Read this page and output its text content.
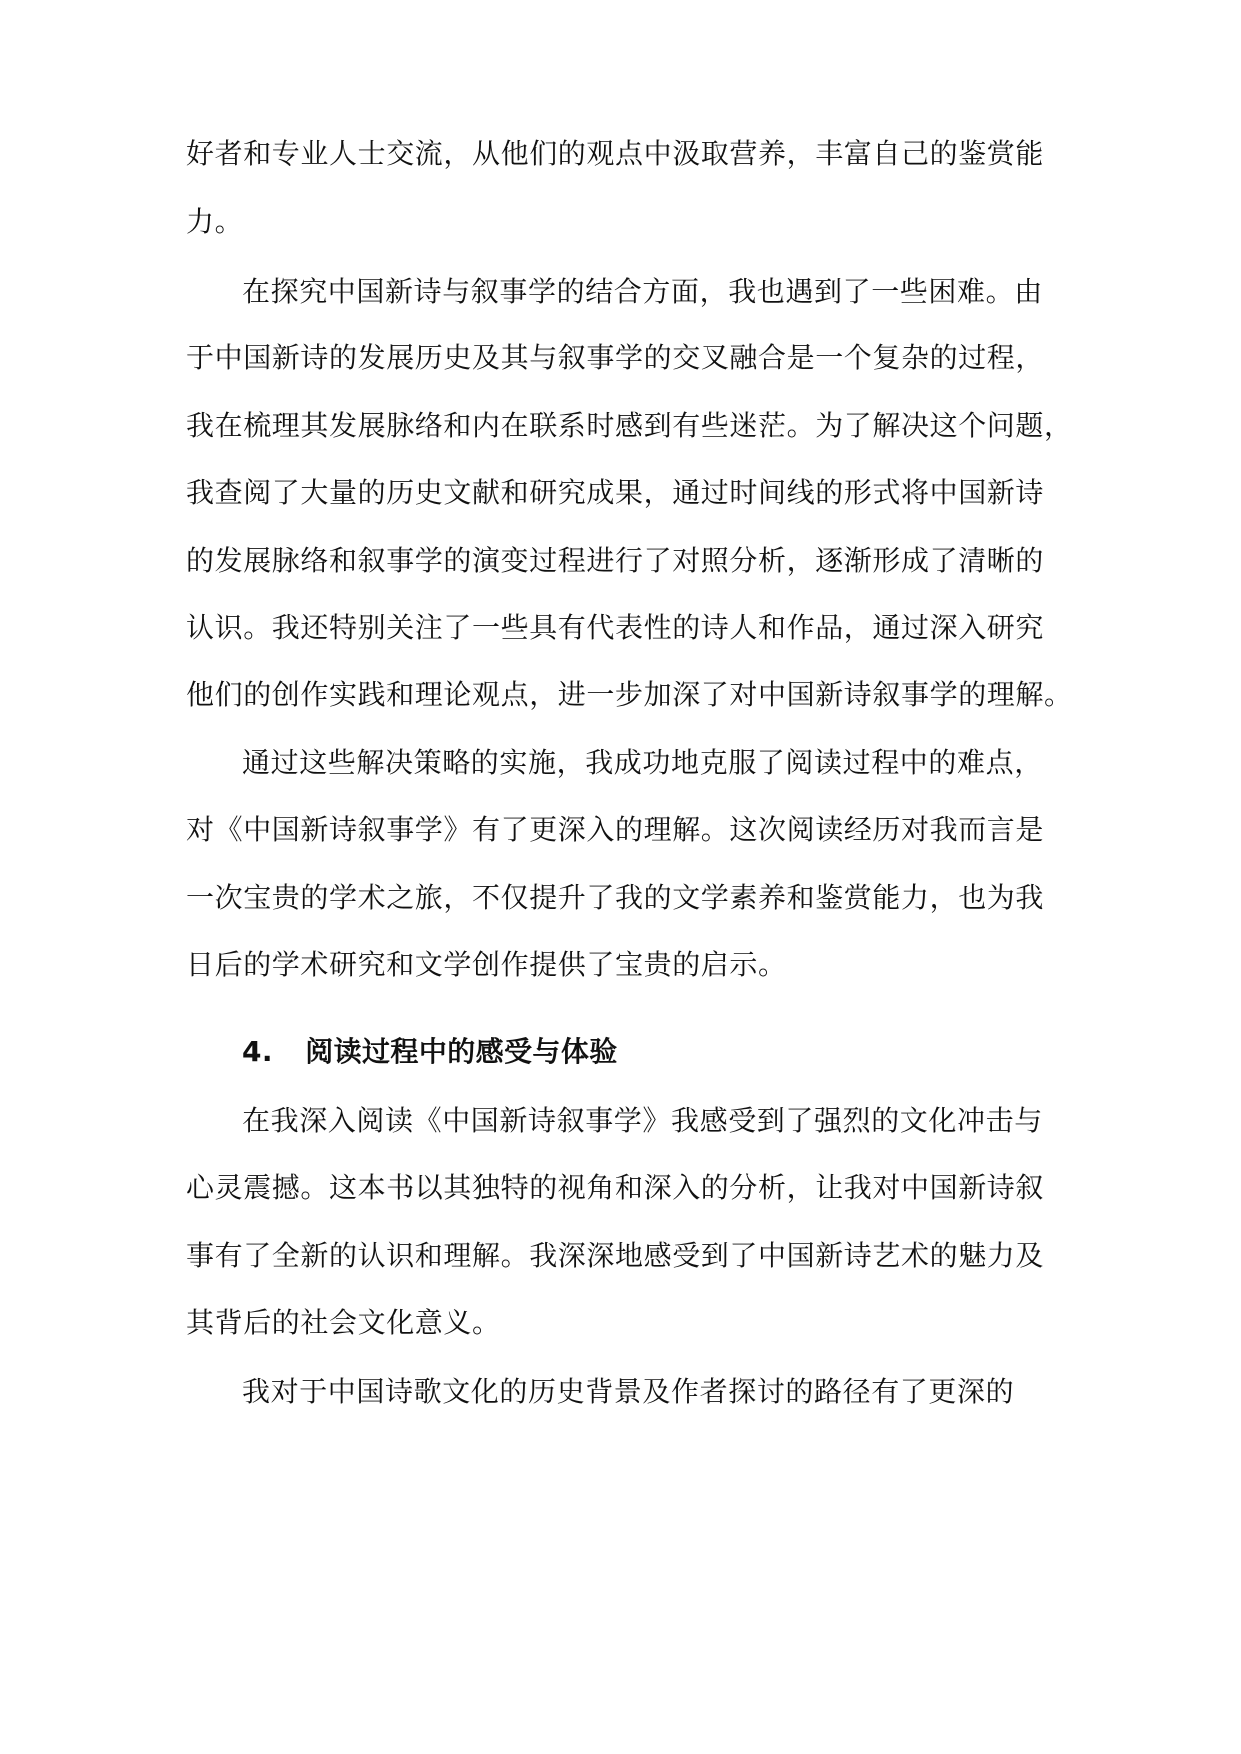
好者和专业人士交流，从他们的观点中汲取营养，丰富自己的鉴赏能

力。

在探究中国新诗与叙事学的结合方面，我也遇到了一些困难。由

于中国新诗的发展历史及其与叙事学的交叉融合是一个复杂的过程，

我在梳理其发展脉络和内在联系时感到有些迷茫。为了解决这个问题，

我查阅了大量的历史文献和研究成果，通过时间线的形式将中国新诗

的发展脉络和叙事学的演变过程进行了对照分析，逐渐形成了清晰的

认识。我还特别关注了一些具有代表性的诗人和作品，通过深入研究

他们的创作实践和理论观点，进一步加深了对中国新诗叙事学的理解。

通过这些解决策略的实施，我成功地克服了阅读过程中的难点，

对《中国新诗叙事学》有了更深入的理解。这次阅读经历对我而言是

一次宝贵的学术之旅，不仅提升了我的文学素养和鉴赏能力，也为我

日后的学术研究和文学创作提供了宝贵的启示。

4. 阅读过程中的感受与体验

在我深入阅读《中国新诗叙事学》我感受到了强烈的文化冲击与

心灵震撼。这本书以其独特的视角和深入的分析，让我对中国新诗叙

事有了全新的认识和理解。我深深地感受到了中国新诗艺术的魅力及

其背后的社会文化意义。

我对于中国诗歌文化的历史背景及作者探讨的路径有了更深的
